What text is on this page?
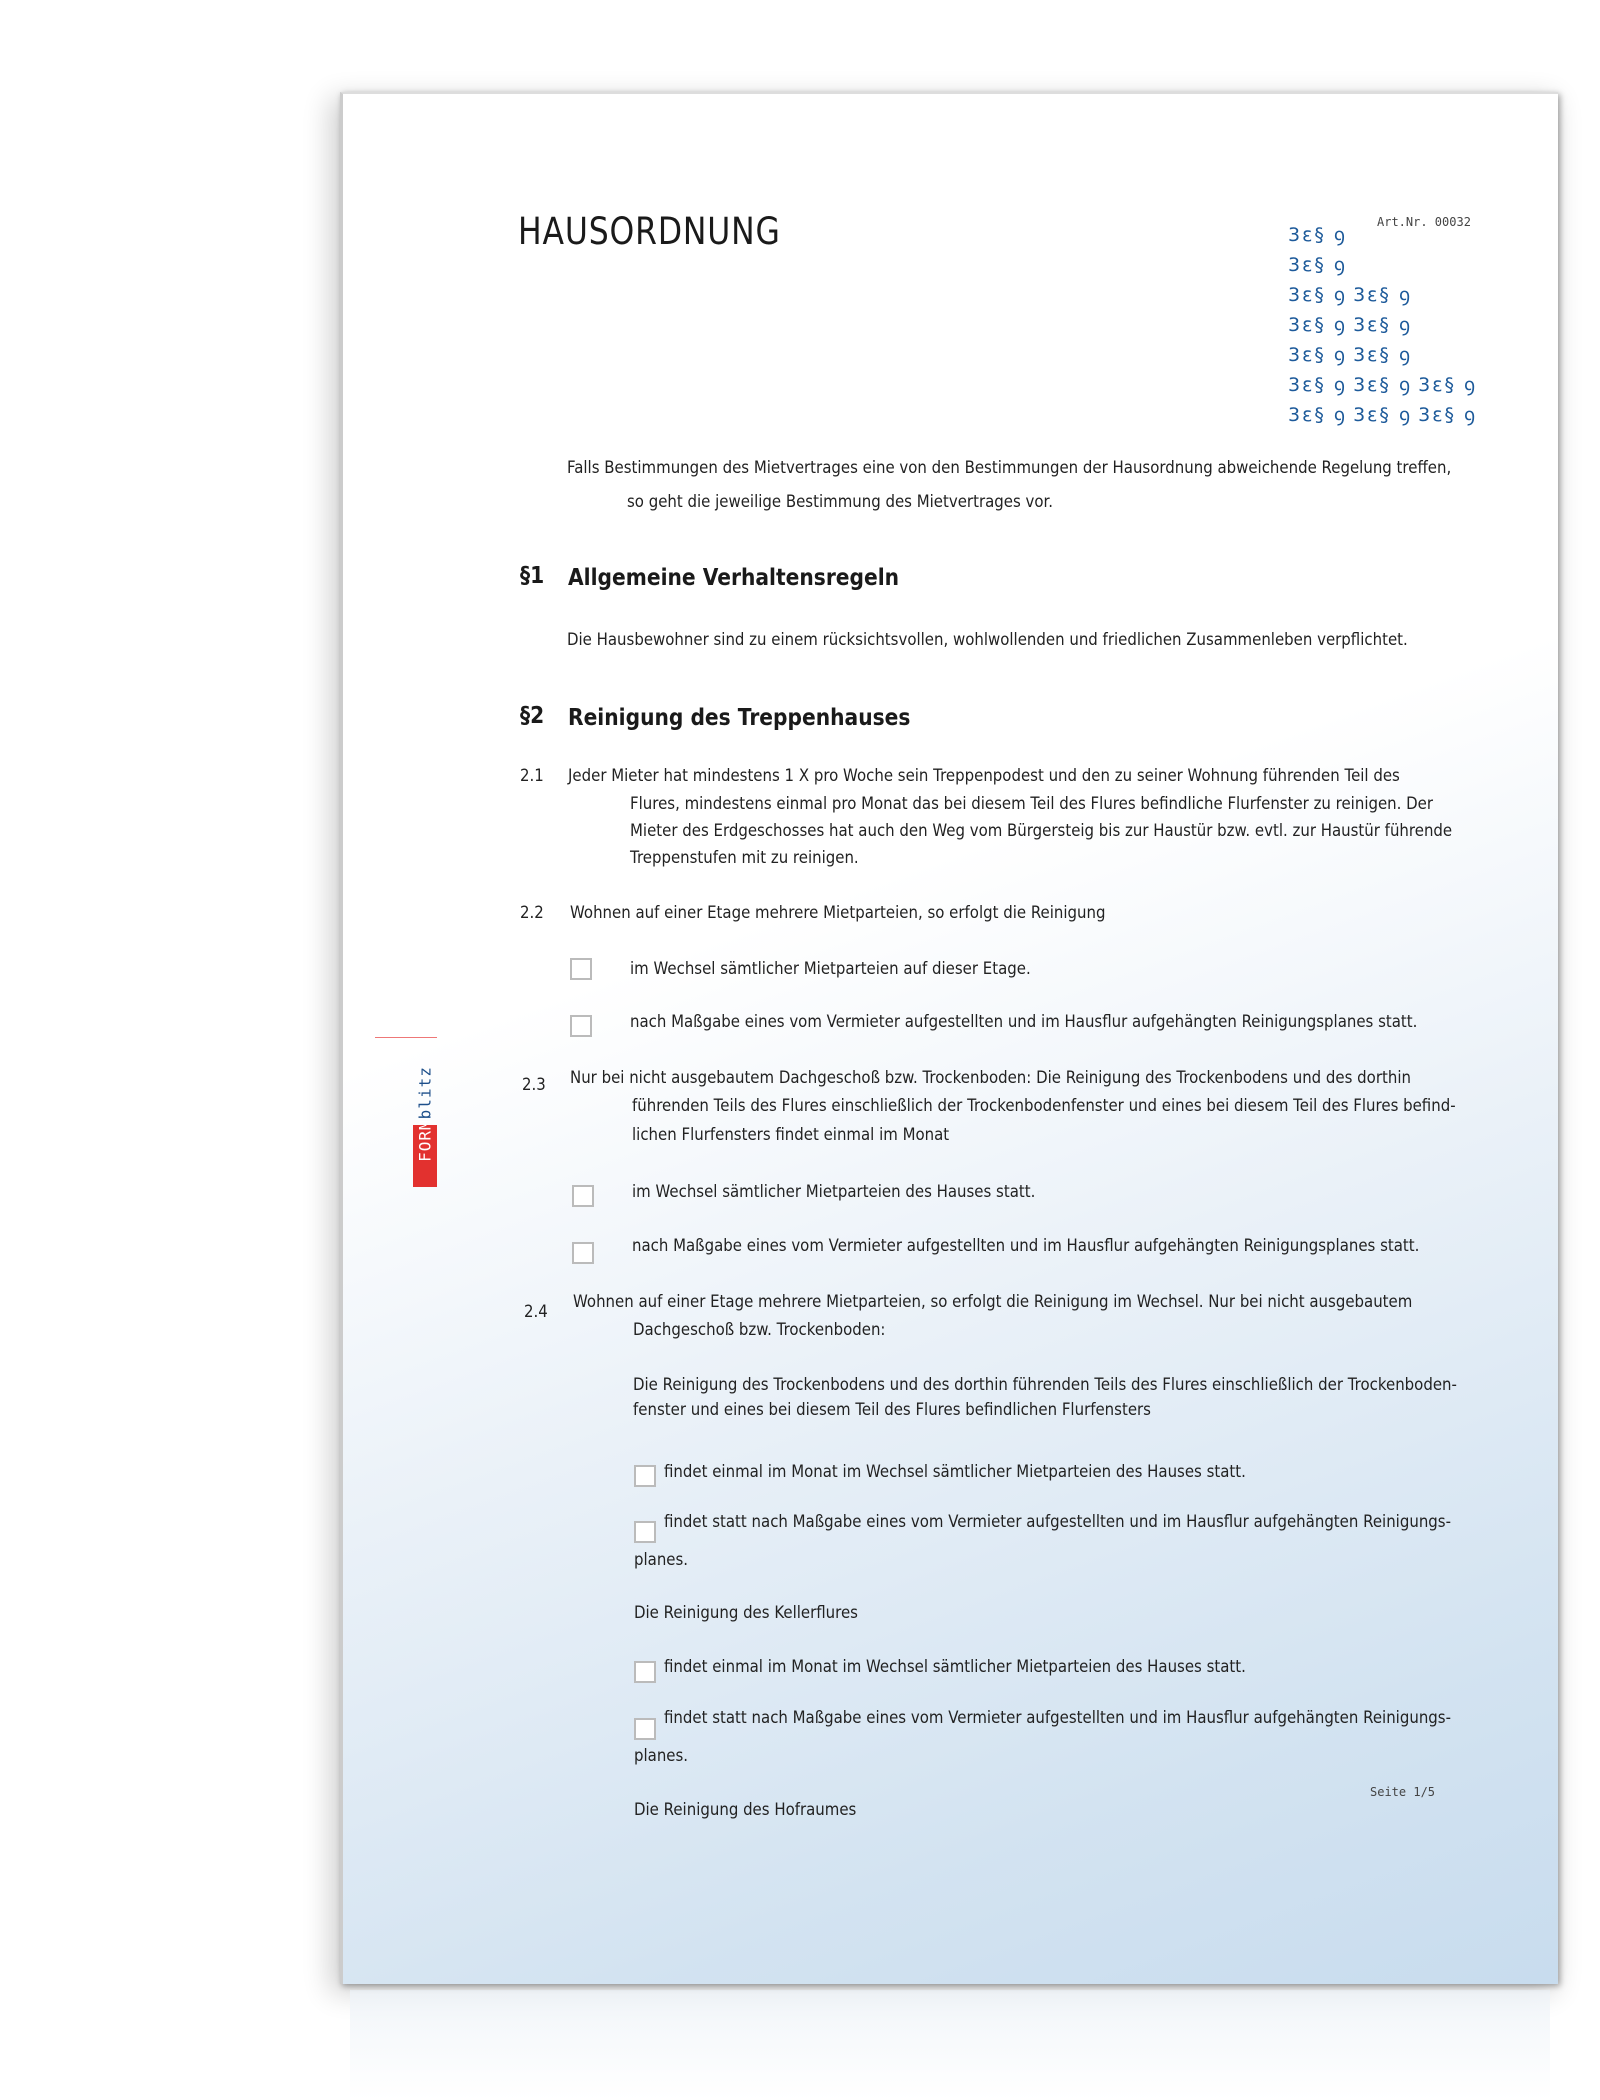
HAUSORDNUNG	Art.Nr. 00032
3ε§ ꝯ
3ε§ ꝯ
3ε§ ꝯ 3ε§ ꝯ
3ε§ ꝯ 3ε§ ꝯ
3ε§ ꝯ 3ε§ ꝯ
3ε§ ꝯ 3ε§ ꝯ 3ε§ ꝯ
3ε§ ꝯ 3ε§ ꝯ 3ε§ ꝯ
Falls Bestimmungen des Mietvertrages eine von den Bestimmungen der Hausordnung abweichende Regelung treffen,
so geht die jeweilige Bestimmung des Mietvertrages vor.
§1 Allgemeine Verhaltensregeln
Die Hausbewohner sind zu einem rücksichtsvollen, wohlwollenden und friedlichen Zusammenleben verpflichtet.
§2 Reinigung des Treppenhauses
2.1 Jeder Mieter hat mindestens 1 X pro Woche sein Treppenpodest und den zu seiner Wohnung führenden Teil des
Flures, mindestens einmal pro Monat das bei diesem Teil des Flures befindliche Flurfenster zu reinigen. Der
Mieter des Erdgeschosses hat auch den Weg vom Bürgersteig bis zur Haustür bzw. evtl. zur Haustür führende
Treppenstufen mit zu reinigen.
2.2 Wohnen auf einer Etage mehrere Mietparteien, so erfolgt die Reinigung
im Wechsel sämtlicher Mietparteien auf dieser Etage.
nach Maßgabe eines vom Vermieter aufgestellten und im Hausflur aufgehängten Reinigungsplanes statt.
2.3 Nur bei nicht ausgebautem Dachgeschoß bzw. Trockenboden: Die Reinigung des Trockenbodens und des dorthin
führenden Teils des Flures einschließlich der Trockenbodenfenster und eines bei diesem Teil des Flures befind-
lichen Flurfensters findet einmal im Monat
im Wechsel sämtlicher Mietparteien des Hauses statt.
nach Maßgabe eines vom Vermieter aufgestellten und im Hausflur aufgehängten Reinigungsplanes statt.
2.4 Wohnen auf einer Etage mehrere Mietparteien, so erfolgt die Reinigung im Wechsel. Nur bei nicht ausgebautem
Dachgeschoß bzw. Trockenboden:
Die Reinigung des Trockenbodens und des dorthin führenden Teils des Flures einschließlich der Trockenboden-
fenster und eines bei diesem Teil des Flures befindlichen Flurfensters
findet einmal im Monat im Wechsel sämtlicher Mietparteien des Hauses statt.
findet statt nach Maßgabe eines vom Vermieter aufgestellten und im Hausflur aufgehängten Reinigungs-
planes.
Die Reinigung des Kellerflures
findet einmal im Monat im Wechsel sämtlicher Mietparteien des Hauses statt.
findet statt nach Maßgabe eines vom Vermieter aufgestellten und im Hausflur aufgehängten Reinigungs-
planes.
Die Reinigung des Hofraumes
Seite 1/5
FORMblitz
